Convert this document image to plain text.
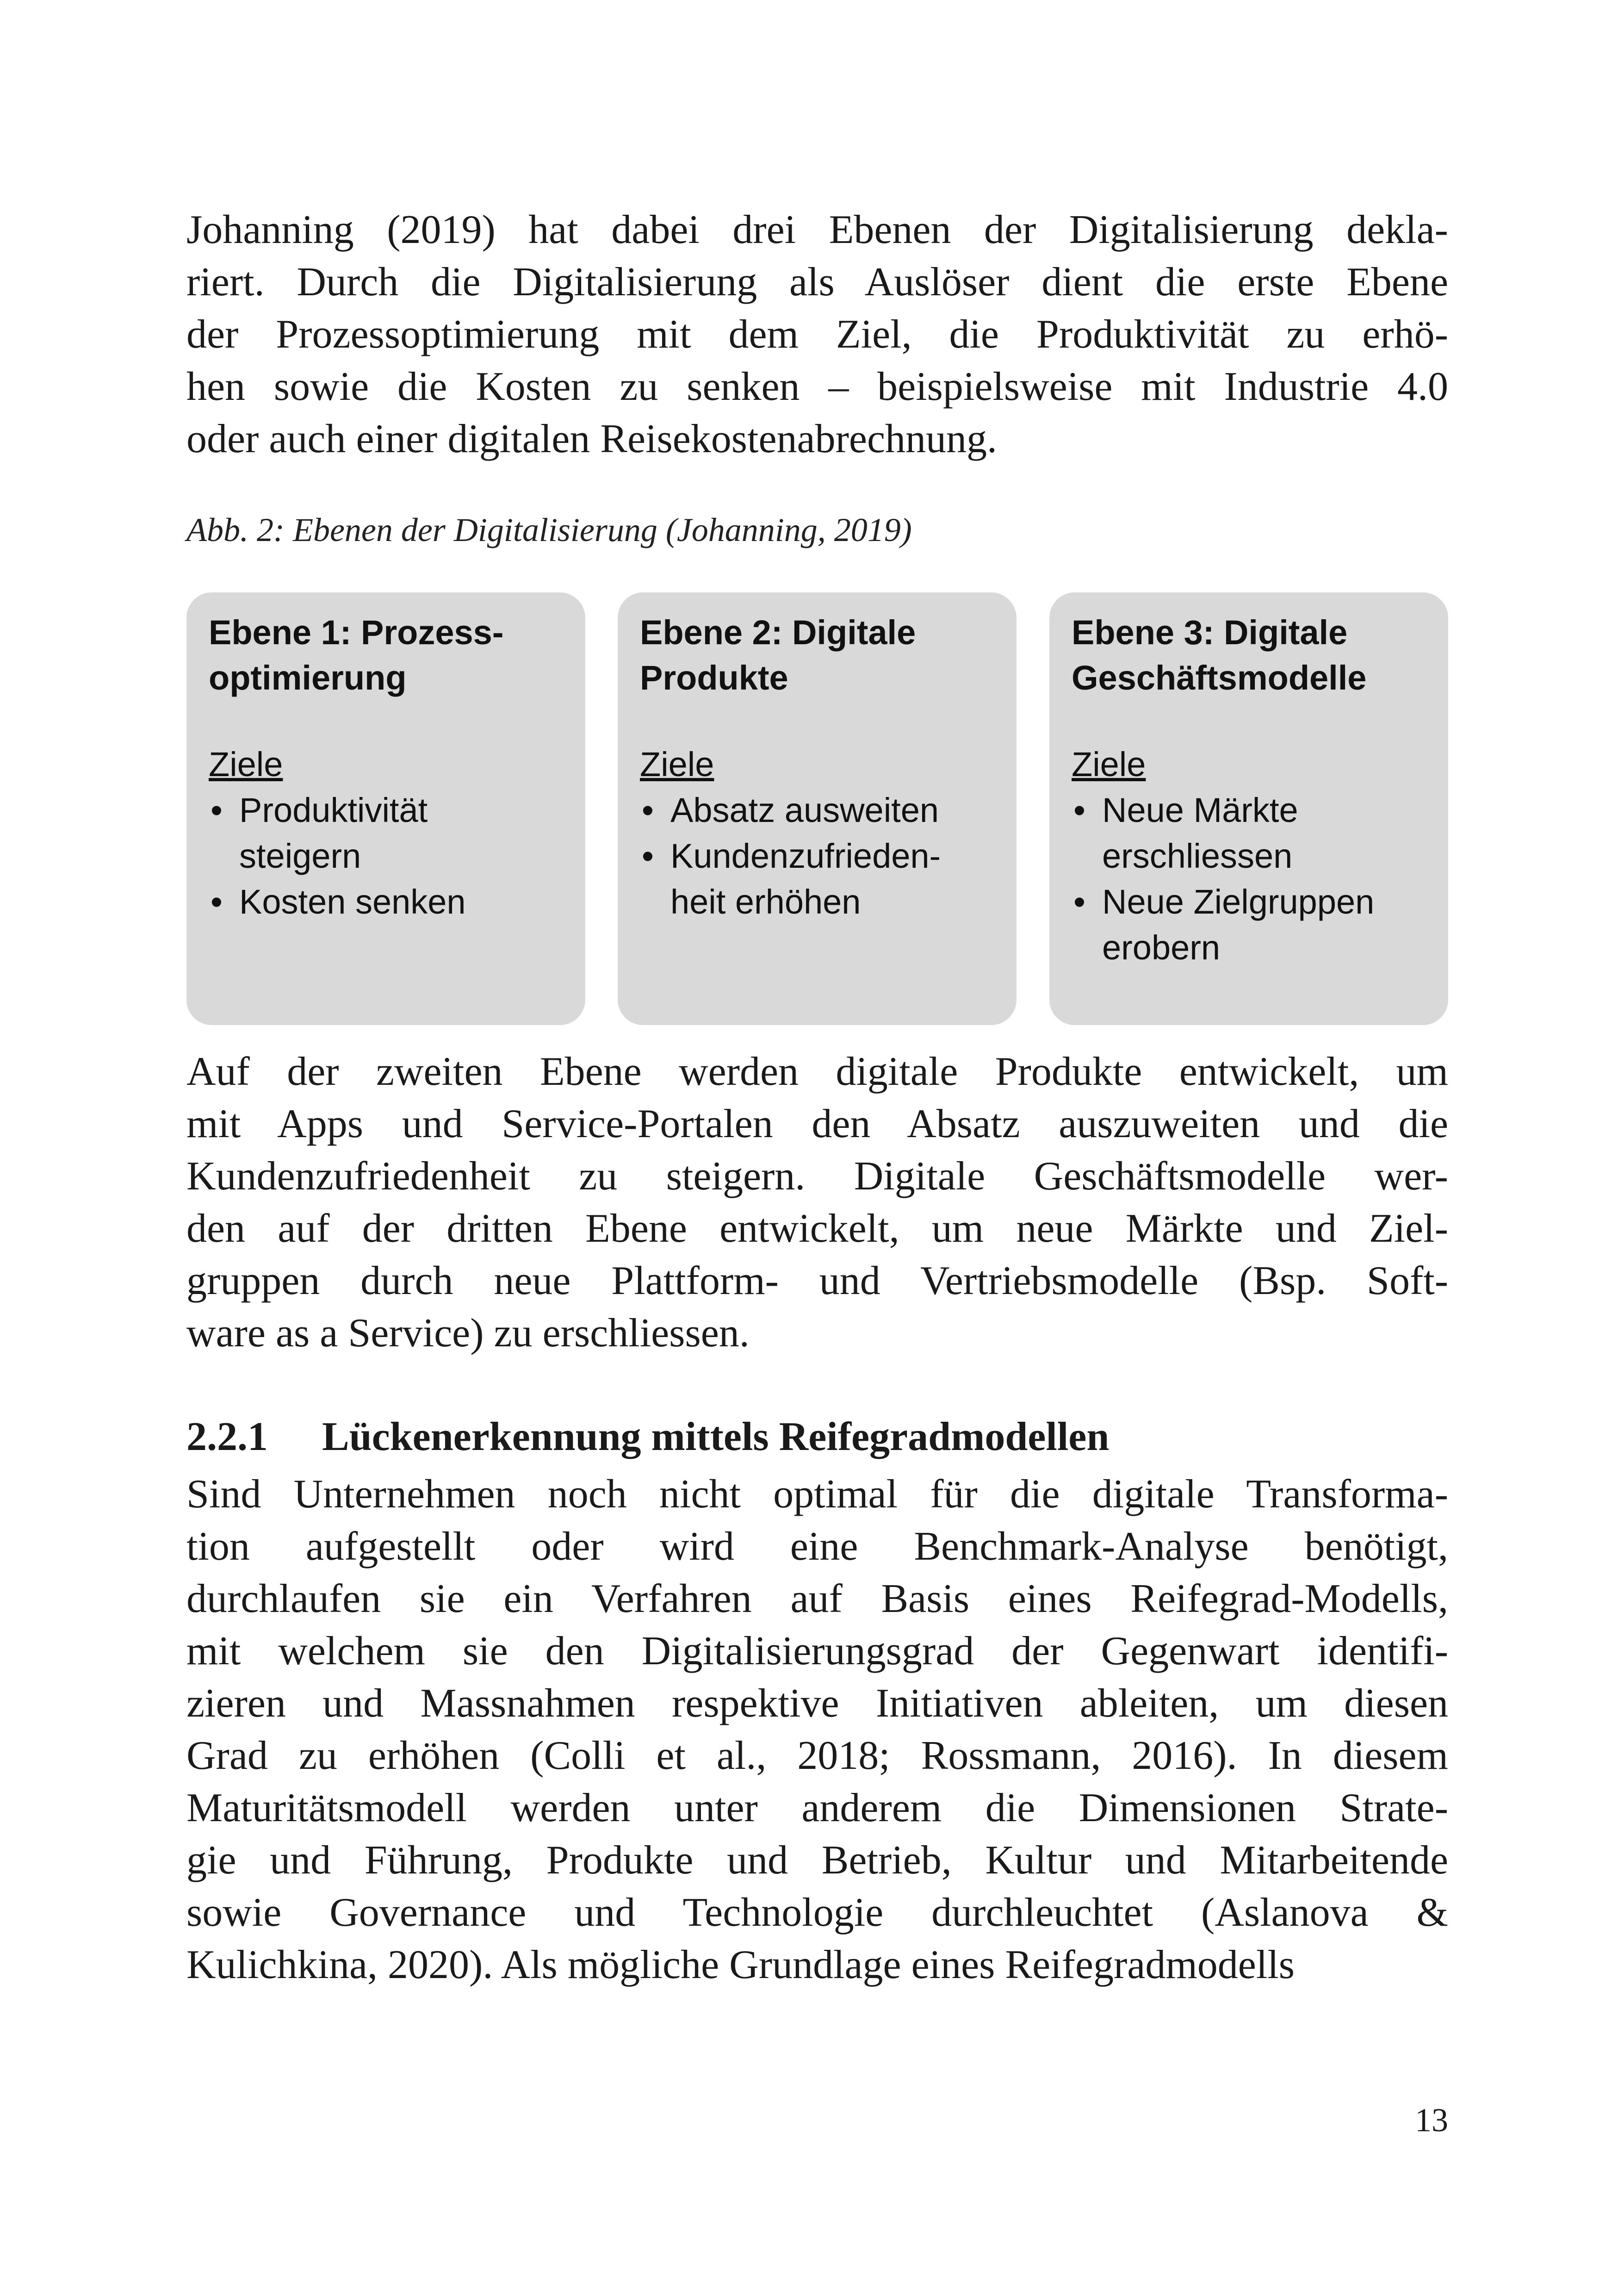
Johanning (2019) hat dabei drei Ebenen der Digitalisierung dekla-
riert. Durch die Digitalisierung als Auslöser dient die erste Ebene
der Prozessoptimierung mit dem Ziel, die Produktivität zu erhö-
hen sowie die Kosten zu senken – beispielsweise mit Industrie 4.0
oder auch einer digitalen Reisekostenabrechnung.

Abb. 2: Ebenen der Digitalisierung (Johanning, 2019)

Ebene 1: Prozess-
optimierung

Ziele

• Produktivität
steigern
• Kosten senken

Ebene 2: Digitale
Produkte

Ziele

• Absatz ausweiten
• Kundenzufrieden-
heit erhöhen

Ebene 3: Digitale
Geschäftsmodelle

Ziele

• Neue Märkte
erschliessen
• Neue Zielgruppen
erobern

Auf der zweiten Ebene werden digitale Produkte entwickelt, um
mit Apps und Service-Portalen den Absatz auszuweiten und die
Kundenzufriedenheit zu steigern. Digitale Geschäftsmodelle wer-
den auf der dritten Ebene entwickelt, um neue Märkte und Ziel-
gruppen durch neue Plattform- und Vertriebsmodelle (Bsp. Soft-
ware as a Service) zu erschliessen.

2.2.1 Lückenerkennung mittels Reifegradmodellen

Sind Unternehmen noch nicht optimal für die digitale Transforma-
tion aufgestellt oder wird eine Benchmark-Analyse benötigt,
durchlaufen sie ein Verfahren auf Basis eines Reifegrad-Modells,
mit welchem sie den Digitalisierungsgrad der Gegenwart identifi-
zieren und Massnahmen respektive Initiativen ableiten, um diesen
Grad zu erhöhen (Colli et al., 2018; Rossmann, 2016). In diesem
Maturitätsmodell werden unter anderem die Dimensionen Strate-
gie und Führung, Produkte und Betrieb, Kultur und Mitarbeitende
sowie Governance und Technologie durchleuchtet (Aslanova &
Kulichkina, 2020). Als mögliche Grundlage eines Reifegradmodells

13
